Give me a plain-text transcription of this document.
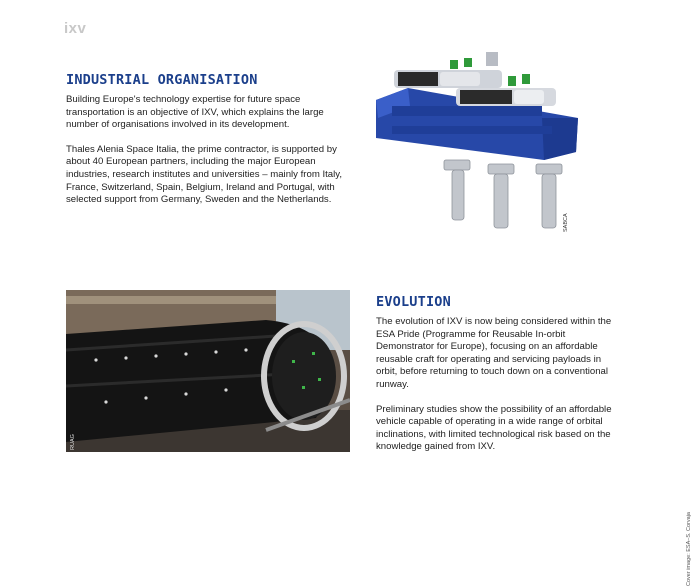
ixv
INDUSTRIAL ORGANISATION
Building Europe's technology expertise for future space transportation is an objective of IXV, which explains the large number of organisations involved in its development.
Thales Alenia Space Italia, the prime contractor, is supported by about 40 European partners, including the major European industries, research institutes and universities – mainly from Italy, France, Switzerland, Spain, Belgium, Ireland and Portugal, with selected support from Germany, Sweden and the Netherlands.
SABCA
RUAG
EVOLUTION
The evolution of IXV is now being considered within the ESA Pride (Programme for Reusable In-orbit Demonstrator for Europe), focusing on an affordable reusable craft for operating and servicing payloads in orbit, before returning to touch down on a conventional runway.
Preliminary studies show the possibility of an affordable vehicle capable of operating in a wide range of orbital inclinations, with limited technological risk based on the knowledge gained from IXV.
Cover image: ESA–S. Corvaja
